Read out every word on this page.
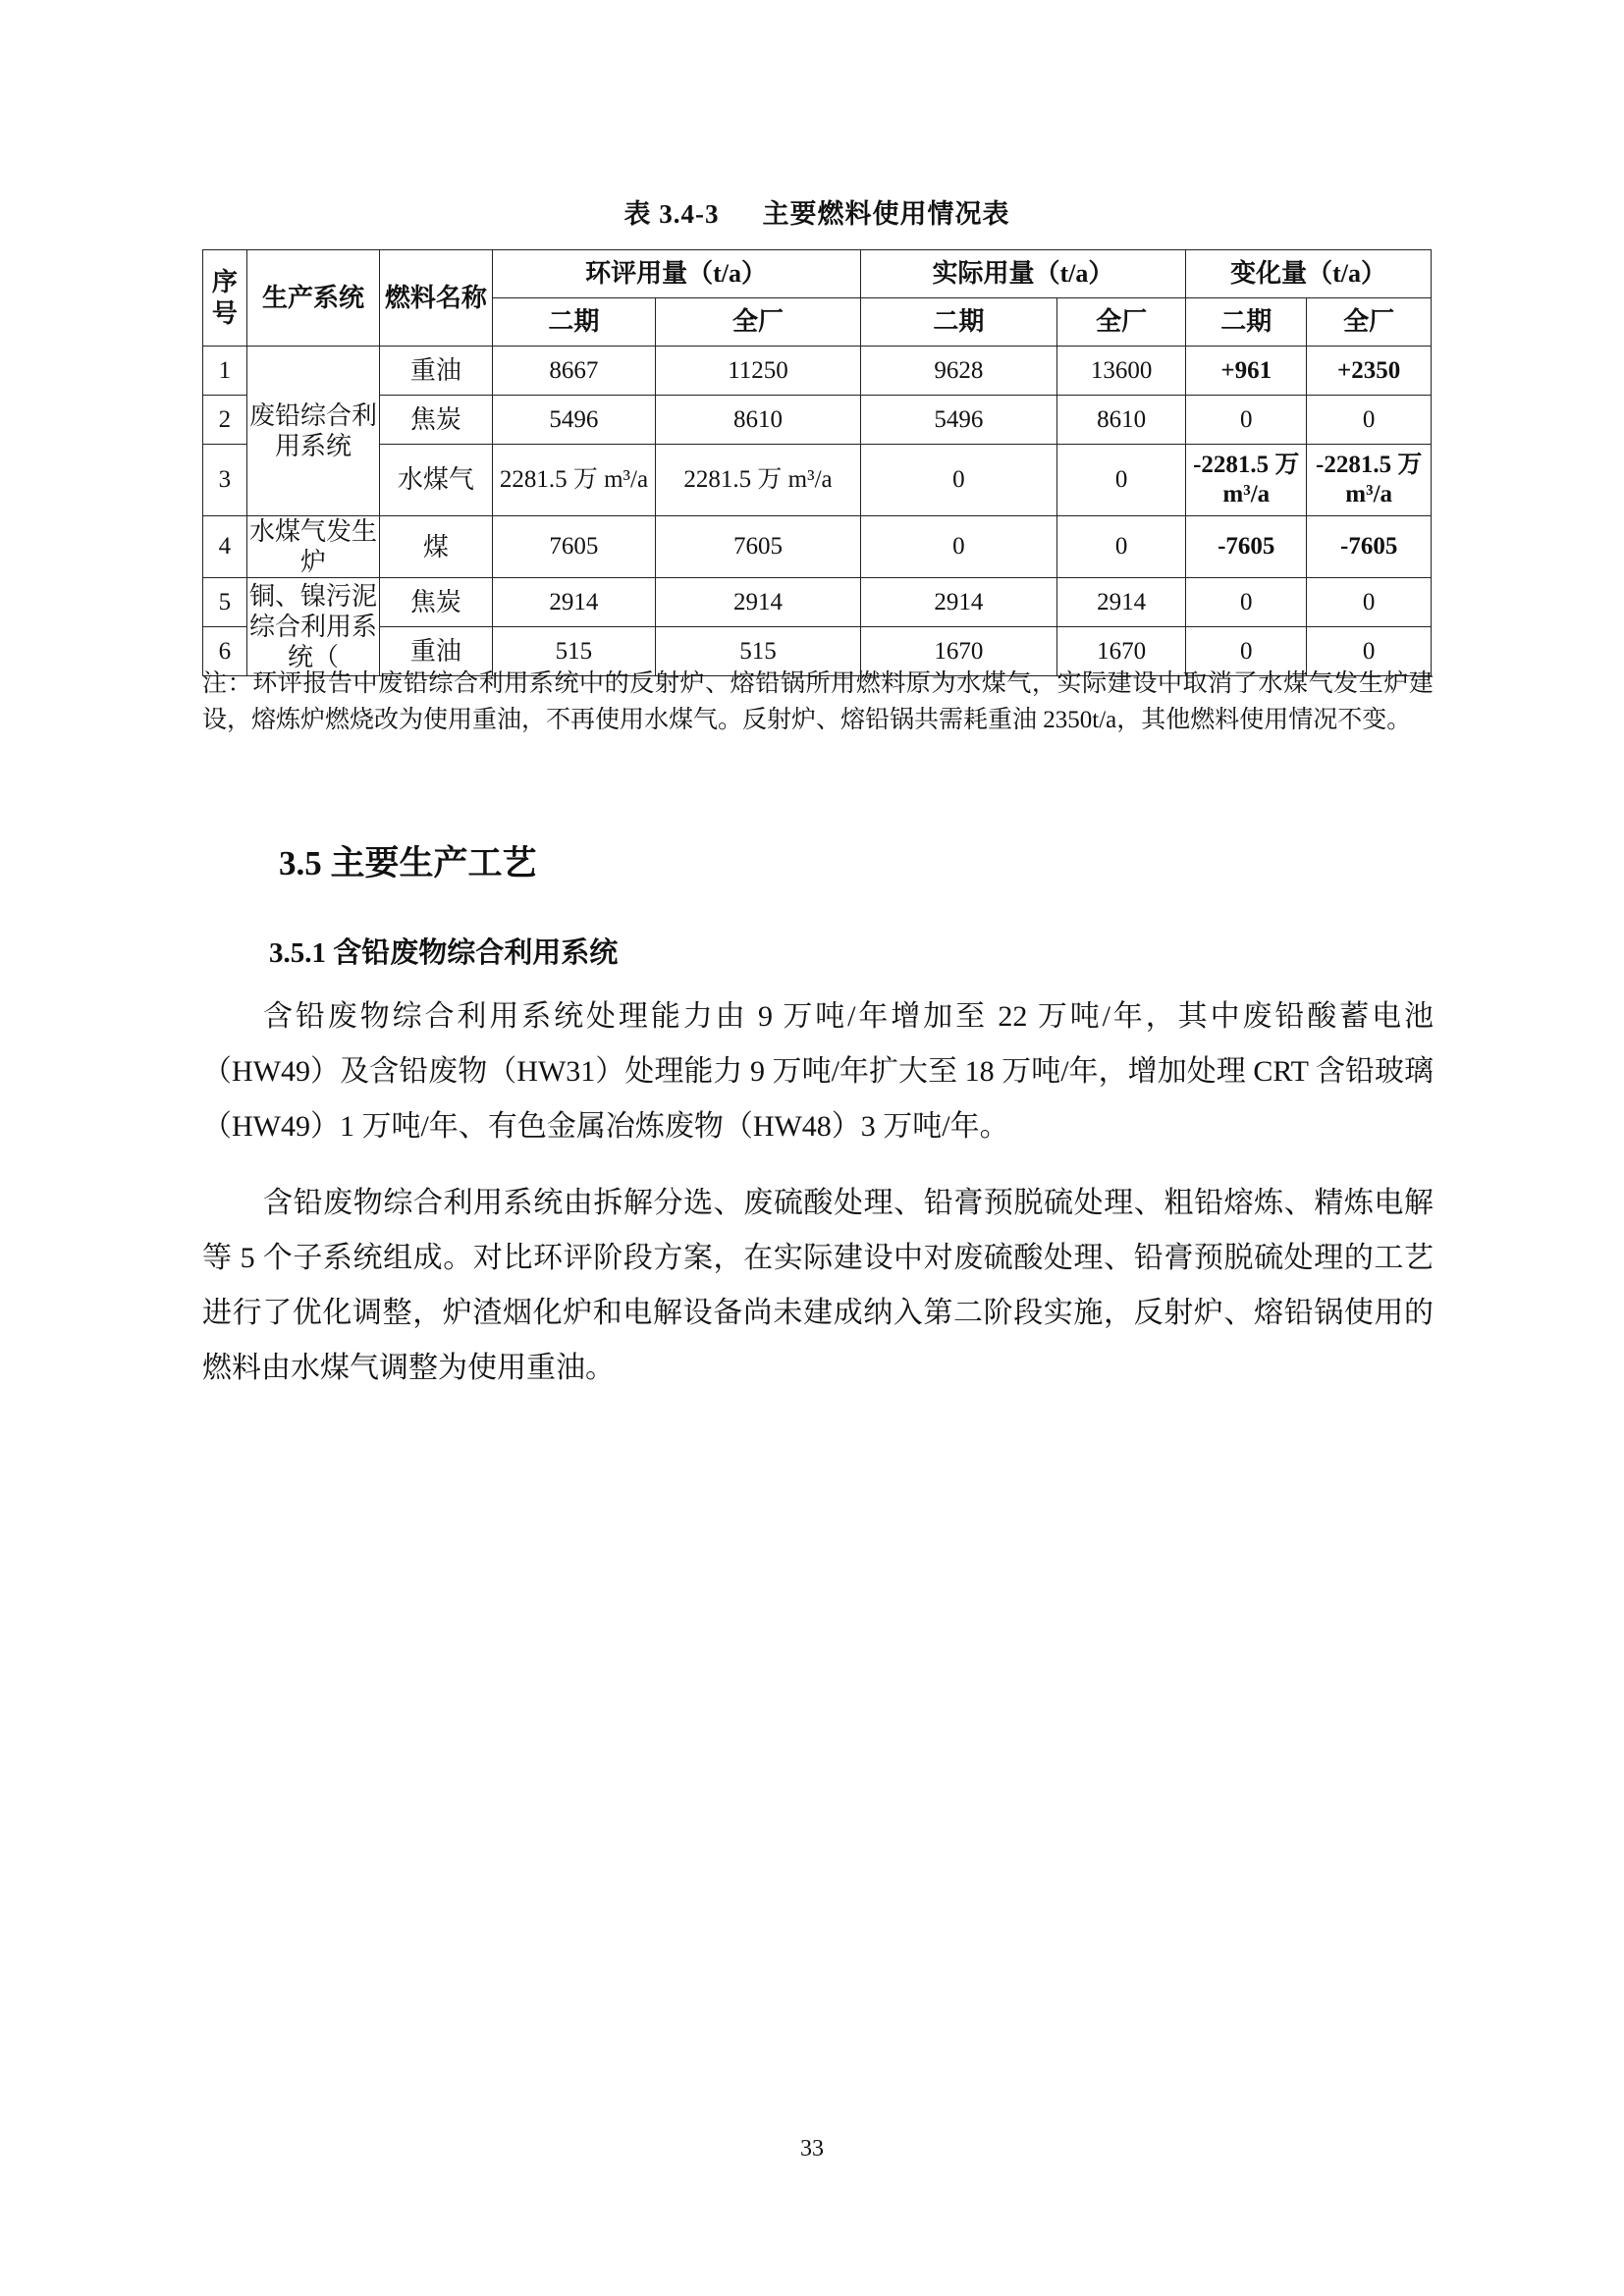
表 3.4-3 主要燃料使用情况表
序号	生产系统	燃料名称	环评用量（t/a）		实际用量（t/a）		变化量（t/a）	
			二期	全厂	二期	全厂	二期	全厂
1	废铅综合利用系统	重油	8667	11250	9628	13600	+961	+2350
2		焦炭	5496	8610	5496	8610	0	0
3		水煤气	2281.5 万 m³/a	2281.5 万 m³/a	0	0	-2281.5 万 m³/a	-2281.5 万 m³/a
4	水煤气发生炉	煤	7605	7605	0	0	-7605	-7605
5	铜、镍污泥综合利用系统（	焦炭	2914	2914	2914	2914	0	0
6		重油	515	515	1670	1670	0	0
注：环评报告中废铅综合利用系统中的反射炉、熔铅锅所用燃料原为水煤气，实际建设中取消了水煤气发生炉建设，熔炼炉燃烧改为使用重油，不再使用水煤气。反射炉、熔铅锅共需耗重油 2350t/a，其他燃料使用情况不变。
3.5 主要生产工艺
3.5.1 含铅废物综合利用系统

含铅废物综合利用系统处理能力由 9 万吨/年增加至 22 万吨/年，其中废铅酸蓄电池（HW49）及含铅废物（HW31）处理能力 9 万吨/年扩大至 18 万吨/年，增加处理 CRT 含铅玻璃（HW49）1 万吨/年、有色金属冶炼废物（HW48）3 万吨/年。

含铅废物综合利用系统由拆解分选、废硫酸处理、铅膏预脱硫处理、粗铅熔炼、精炼电解等 5 个子系统组成。对比环评阶段方案，在实际建设中对废硫酸处理、铅膏预脱硫处理的工艺进行了优化调整，炉渣烟化炉和电解设备尚未建成纳入第二阶段实施，反射炉、熔铅锅使用的燃料由水煤气调整为使用重油。

33
